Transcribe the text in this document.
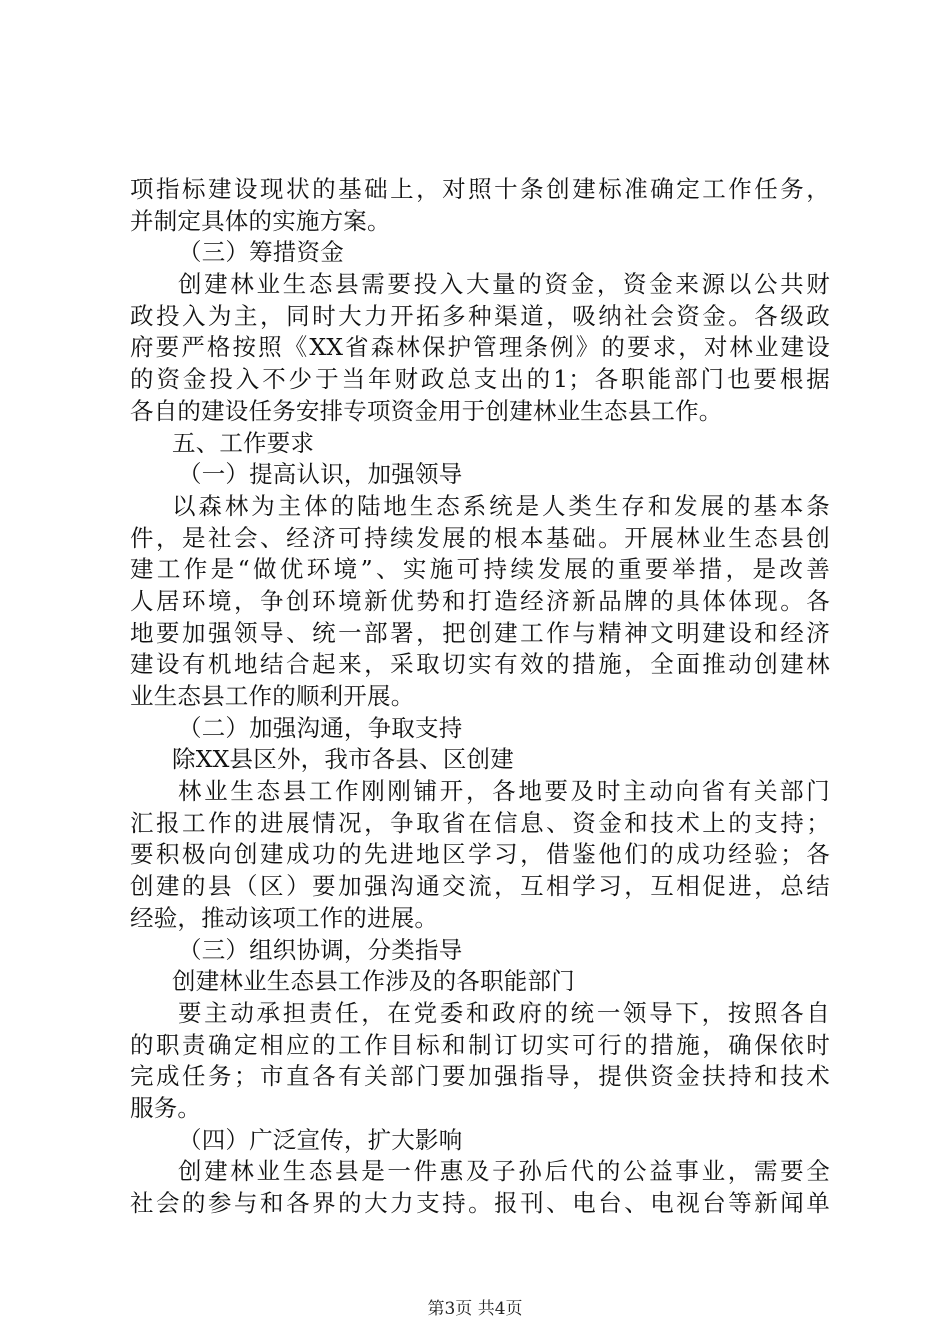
项指标建设现状的基础上，对照十条创建标准确定工作任务，
并制定具体的实施方案。
（三）筹措资金
创建林业生态县需要投入大量的资金，资金来源以公共财
政投入为主，同时大力开拓多种渠道，吸纳社会资金。各级政
府要严格按照《XX省森林保护管理条例》的要求，对林业建设
的资金投入不少于当年财政总支出的1；各职能部门也要根据
各自的建设任务安排专项资金用于创建林业生态县工作。
五、工作要求
（一）提高认识，加强领导
以森林为主体的陆地生态系统是人类生存和发展的基本条
件，是社会、经济可持续发展的根本基础。开展林业生态县创
建工作是“做优环境”、实施可持续发展的重要举措，是改善
人居环境，争创环境新优势和打造经济新品牌的具体体现。各
地要加强领导、统一部署，把创建工作与精神文明建设和经济
建设有机地结合起来，采取切实有效的措施，全面推动创建林
业生态县工作的顺利开展。
（二）加强沟通，争取支持
除XX县区外，我市各县、区创建
林业生态县工作刚刚铺开，各地要及时主动向省有关部门
汇报工作的进展情况，争取省在信息、资金和技术上的支持；
要积极向创建成功的先进地区学习，借鉴他们的成功经验；各
创建的县（区）要加强沟通交流，互相学习，互相促进，总结
经验，推动该项工作的进展。
（三）组织协调，分类指导
创建林业生态县工作涉及的各职能部门
要主动承担责任，在党委和政府的统一领导下，按照各自
的职责确定相应的工作目标和制订切实可行的措施，确保依时
完成任务；市直各有关部门要加强指导，提供资金扶持和技术
服务。
（四）广泛宣传，扩大影响
创建林业生态县是一件惠及子孙后代的公益事业，需要全
社会的参与和各界的大力支持。报刊、电台、电视台等新闻单
第3页 共4页
